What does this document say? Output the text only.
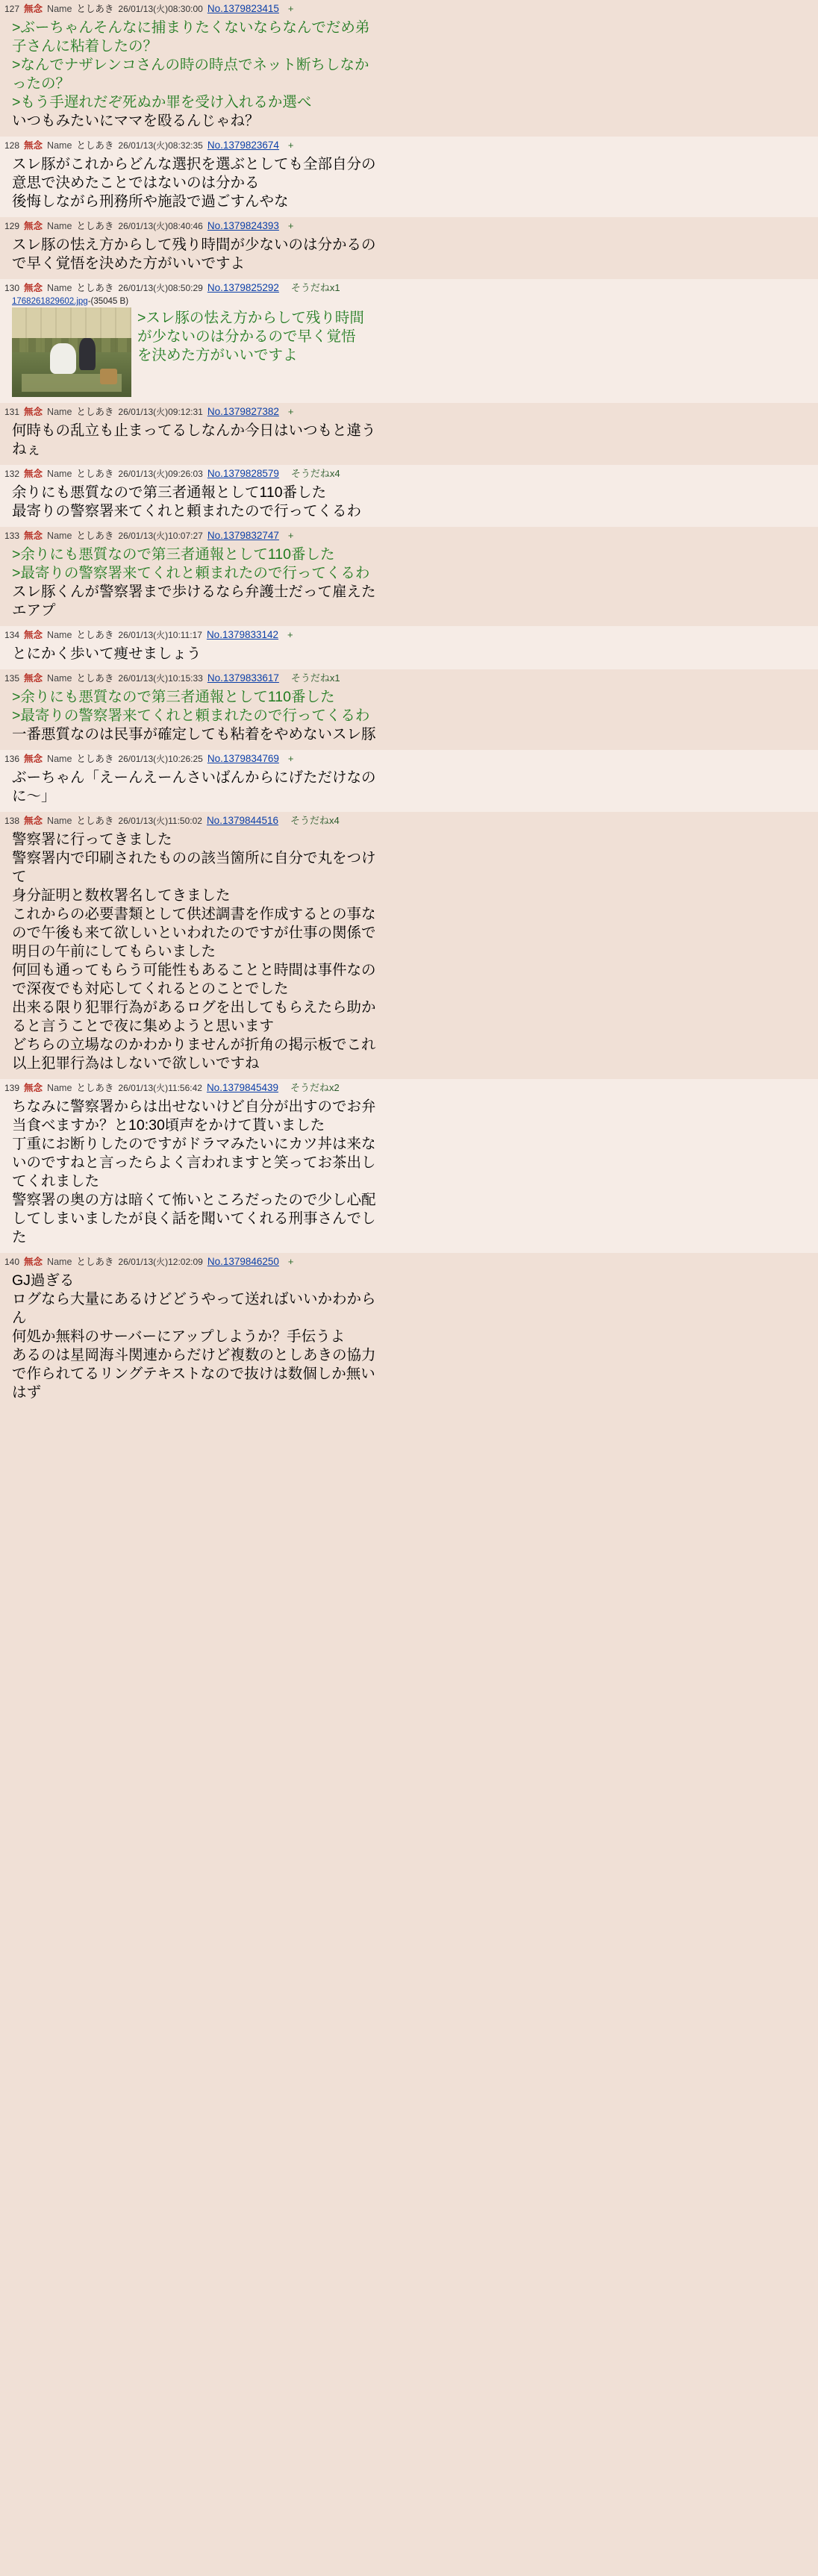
127 無念 Name としあき 26/01/13(火)08:30:00 No.1379823415 +
>ぶーちゃんそんなに捕まりたくないならなんでだめ弟
子さんに粘着したの？
>なんでナザレンコさんの時の時点でネット断ちしなか
ったの？
>もう手遅れだぞ死ぬか罪を受け入れるか選べ
いつもみたいにママを殴るんじゃね？
128 無念 Name としあき 26/01/13(火)08:32:35 No.1379823674 +
スレ豚がこれからどんな選択を選ぶとしても全部自分の
意思で決めたことではないのは分かる
後悔しながら刑務所や施設で過ごすんやな
129 無念 Name としあき 26/01/13(火)08:40:46 No.1379824393 +
スレ豚の怯え方からして残り時間が少ないのは分かるの
で早く覚悟を決めた方がいいですよ
130 無念 Name としあき 26/01/13(火)08:50:29 No.1379825292	そうだねx1
1768261829602.jpg-(35045 B)
>スレ豚の怯え方からして残り時間
が少ないのは分かるので早く覚悟
を決めた方がいいですよ
131 無念 Name としあき 26/01/13(火)09:12:31 No.1379827382 +
何時もの乱立も止まってるしなんか今日はいつもと違う
ねぇ
132 無念 Name としあき 26/01/13(火)09:26:03 No.1379828579	そうだねx4
余りにも悪質なので第三者通報として110番した
最寄りの警察署来てくれと頼まれたので行ってくるわ
133 無念 Name としあき 26/01/13(火)10:07:27 No.1379832747 +
>余りにも悪質なので第三者通報として110番した
>最寄りの警察署来てくれと頼まれたので行ってくるわ
スレ豚くんが警察署まで歩けるなら弁護士だって雇えた
エアプ
134 無念 Name としあき 26/01/13(火)10:11:17 No.1379833142 +
とにかく歩いて痩せましょう
135 無念 Name としあき 26/01/13(火)10:15:33 No.1379833617	そうだねx1
>余りにも悪質なので第三者通報として110番した
>最寄りの警察署来てくれと頼まれたので行ってくるわ
一番悪質なのは民事が確定しても粘着をやめないスレ豚
136 無念 Name としあき 26/01/13(火)10:26:25 No.1379834769 +
ぶーちゃん「えーんえーんさいばんからにげただけなの
に〜」
138 無念 Name としあき 26/01/13(火)11:50:02 No.1379844516	そうだねx4
警察署に行ってきました
警察署内で印刷されたものの該当箇所に自分で丸をつけ
て
身分証明と数枚署名してきました
これからの必要書類として供述調書を作成するとの事な
ので午後も来て欲しいといわれたのですが仕事の関係で
明日の午前にしてもらいました
何回も通ってもらう可能性もあることと時間は事件なの
で深夜でも対応してくれるとのことでした
出来る限り犯罪行為があるログを出してもらえたら助か
ると言うことで夜に集めようと思います
どちらの立場なのかわかりませんが折角の掲示板でこれ
以上犯罪行為はしないで欲しいですね
139 無念 Name としあき 26/01/13(火)11:56:42 No.1379845439	そうだねx2
ちなみに警察署からは出せないけど自分が出すのでお弁
当食べますか？と10:30頃声をかけて貰いました
丁重にお断りしたのですがドラマみたいにカツ丼は来な
いのですねと言ったらよく言われますと笑ってお茶出し
てくれました
警察署の奥の方は暗くて怖いところだったので少し心配
してしまいましたが良く話を聞いてくれる刑事さんでし
た
140 無念 Name としあき 26/01/13(火)12:02:09 No.1379846250 +
GJ過ぎる
ログなら大量にあるけどどうやって送ればいいかわから
ん
何処か無料のサーバーにアップしようか？手伝うよ
あるのは星岡海斗関連からだけど複数のとしあきの協力
で作られてるリングテキストなので抜けは数個しか無い
はず
